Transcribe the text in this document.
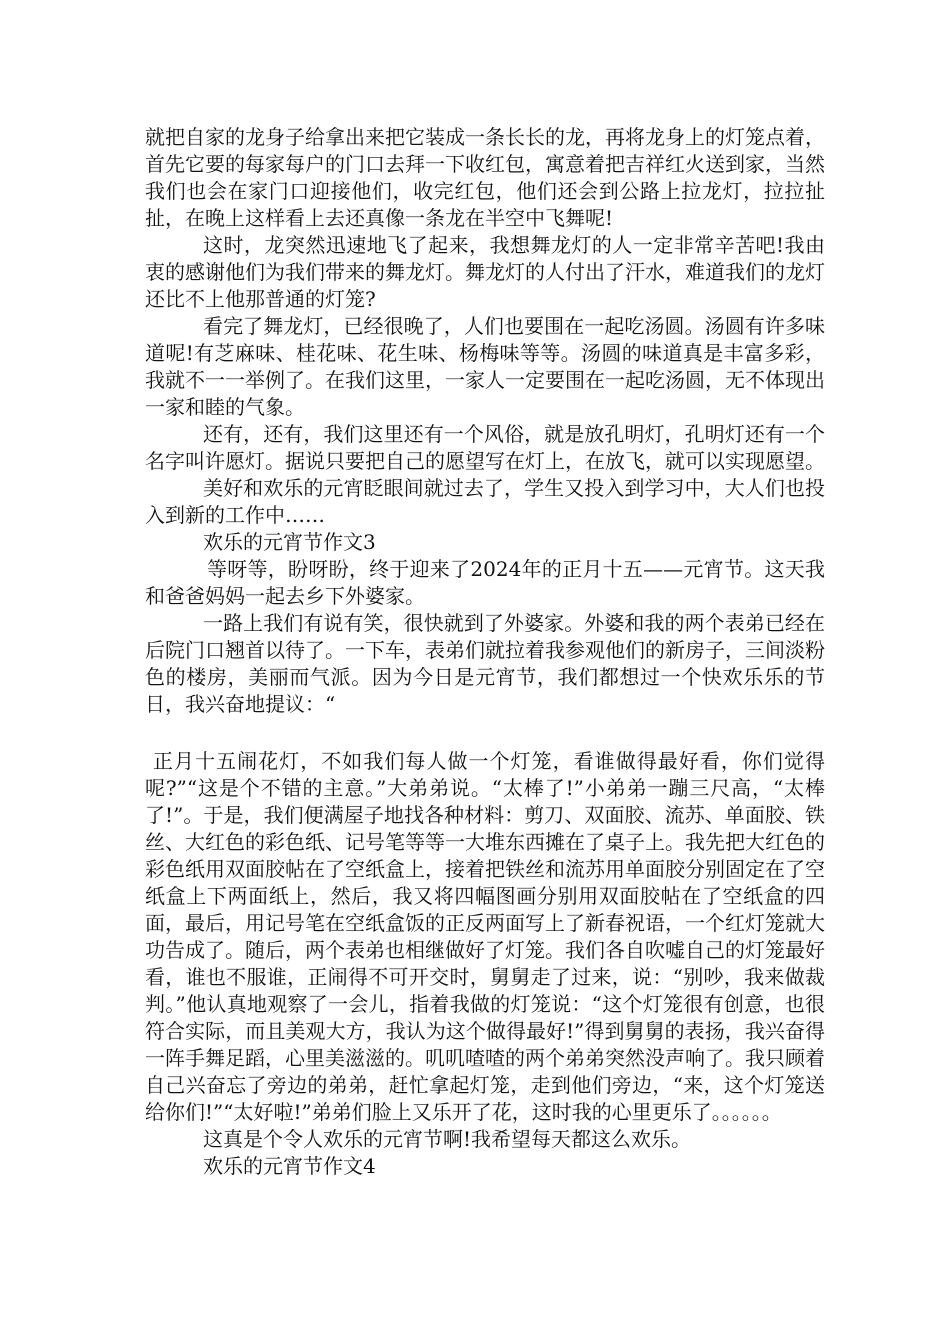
就把自家的龙身子给拿出来把它装成一条长长的龙，再将龙身上的灯笼点着，首先它要的每家每户的门口去拜一下收红包，寓意着把吉祥红火送到家，当然我们也会在家门口迎接他们，收完红包，他们还会到公路上拉龙灯，拉拉扯扯，在晚上这样看上去还真像一条龙在半空中飞舞呢!

这时，龙突然迅速地飞了起来，我想舞龙灯的人一定非常辛苦吧!我由衷的感谢他们为我们带来的舞龙灯。舞龙灯的人付出了汗水，难道我们的龙灯还比不上他那普通的灯笼?

看完了舞龙灯，已经很晚了，人们也要围在一起吃汤圆。汤圆有许多味道呢!有芝麻味、桂花味、花生味、杨梅味等等。汤圆的味道真是丰富多彩，我就不一一举例了。在我们这里，一家人一定要围在一起吃汤圆，无不体现出一家和睦的气象。

还有，还有，我们这里还有一个风俗，就是放孔明灯，孔明灯还有一个名字叫许愿灯。据说只要把自己的愿望写在灯上，在放飞，就可以实现愿望。

美好和欢乐的元宵眨眼间就过去了，学生又投入到学习中，大人们也投入到新的工作中……

欢乐的元宵节作文3

等呀等，盼呀盼，终于迎来了2024年的正月十五——元宵节。这天我和爸爸妈妈一起去乡下外婆家。

一路上我们有说有笑，很快就到了外婆家。外婆和我的两个表弟已经在后院门口翘首以待了。一下车，表弟们就拉着我参观他们的新房子，三间淡粉色的楼房，美丽而气派。因为今日是元宵节，我们都想过一个快欢乐乐的节日，我兴奋地提议：“

正月十五闹花灯，不如我们每人做一个灯笼，看谁做得最好看，你们觉得呢?”“这是个不错的主意。”大弟弟说。“太棒了!”小弟弟一蹦三尺高，“太棒了!”。于是，我们便满屋子地找各种材料：剪刀、双面胶、流苏、单面胶、铁丝、大红色的彩色纸、记号笔等等一大堆东西摊在了桌子上。我先把大红色的彩色纸用双面胶帖在了空纸盒上，接着把铁丝和流苏用单面胶分别固定在了空纸盒上下两面纸上，然后，我又将四幅图画分别用双面胶帖在了空纸盒的四面，最后，用记号笔在空纸盒饭的正反两面写上了新春祝语，一个红灯笼就大功告成了。随后，两个表弟也相继做好了灯笼。我们各自吹嘘自己的灯笼最好看，谁也不服谁，正闹得不可开交时，舅舅走了过来，说：“别吵，我来做裁判。”他认真地观察了一会儿，指着我做的灯笼说：“这个灯笼很有创意，也很符合实际，而且美观大方，我认为这个做得最好!”得到舅舅的表扬，我兴奋得一阵手舞足蹈，心里美滋滋的。叽叽喳喳的两个弟弟突然没声响了。我只顾着自己兴奋忘了旁边的弟弟，赶忙拿起灯笼，走到他们旁边，“来，这个灯笼送给你们!”“太好啦!”弟弟们脸上又乐开了花，这时我的心里更乐了。。。。。。

这真是个令人欢乐的元宵节啊!我希望每天都这么欢乐。

欢乐的元宵节作文4
